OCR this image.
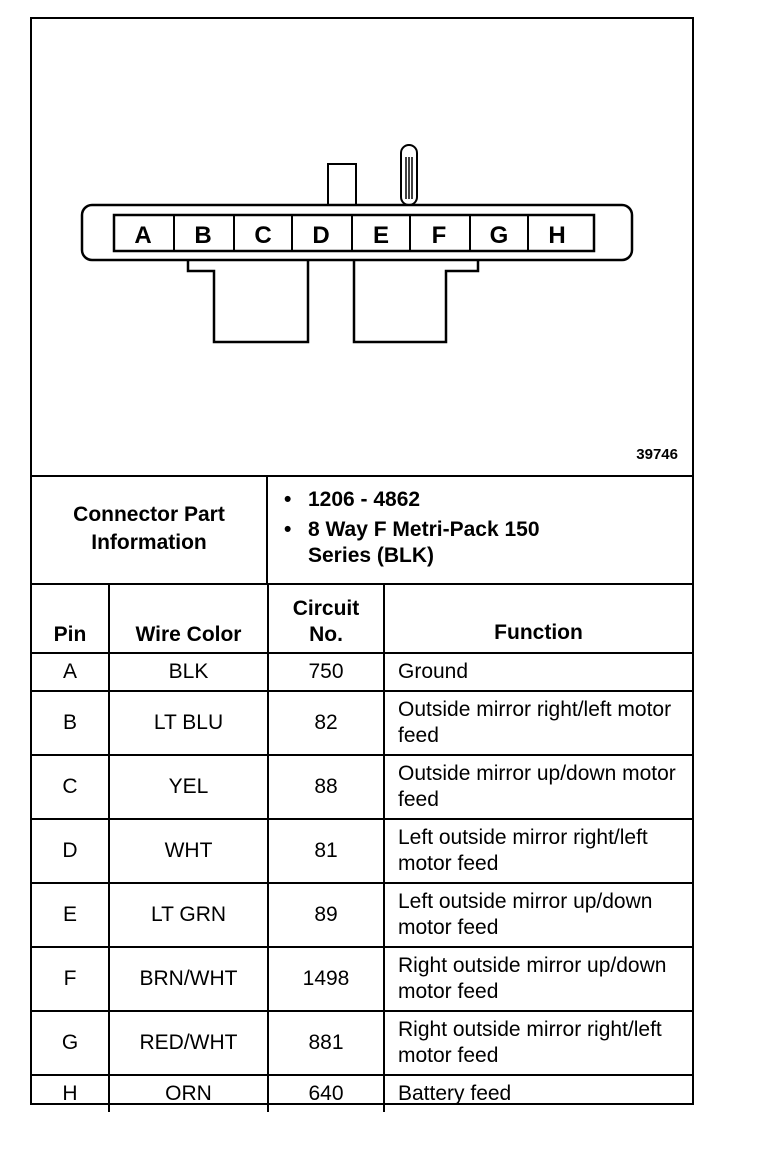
A	B	C	D	E	F	G	H
39746
Connector Part Information
• 1206 - 4862
• 8 Way F Metri-Pack 150 Series (BLK)
Pin	Wire Color	Circuit No.	Function
A	BLK	750	Ground
B	LT BLU	82	Outside mirror right/left motor feed
C	YEL	88	Outside mirror up/down motor feed
D	WHT	81	Left outside mirror right/left motor feed
E	LT GRN	89	Left outside mirror up/down motor feed
F	BRN/WHT	1498	Right outside mirror up/down motor feed
G	RED/WHT	881	Right outside mirror right/left motor feed
H	ORN	640	Battery feed
